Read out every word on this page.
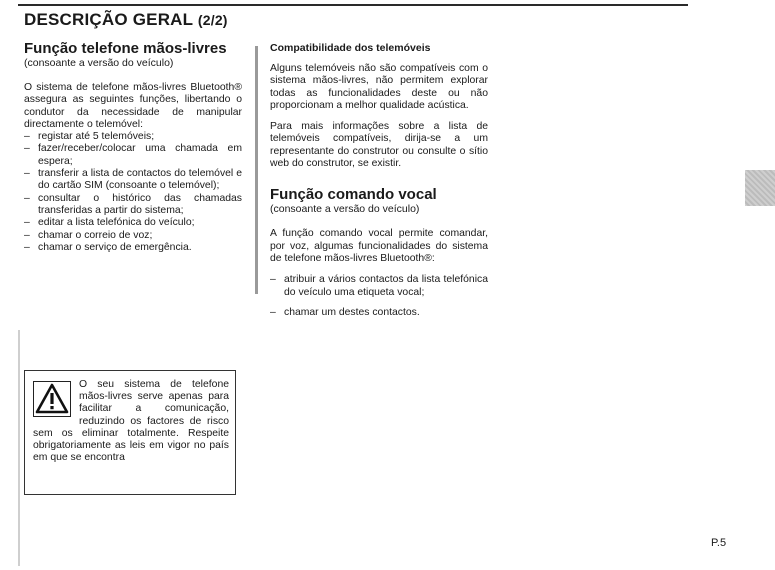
DESCRIÇÃO GERAL (2/2)
Função telefone mãos-livres
(consoante a versão do veículo)

O sistema de telefone mãos-livres Bluetooth® assegura as seguintes funções, libertando o condutor da necessidade de manipular directamente o telemóvel:

– registar até 5 telemóveis;
– fazer/receber/colocar uma chamada em espera;
– transferir a lista de contactos do telemóvel e do cartão SIM (consoante o telemóvel);
– consultar o histórico das chamadas transferidas a partir do sistema;
– editar a lista telefónica do veículo;
– chamar o correio de voz;
– chamar o serviço de emergência.

O seu sistema de telefone mãos-livres serve apenas para facilitar a comunicação, reduzindo os factores de risco sem os eliminar totalmente. Respeite obrigatoriamente as leis em vigor no país em que se encontra

Compatibilidade dos telemóveis

Alguns telemóveis não são compatíveis com o sistema mãos-livres, não permitem explorar todas as funcionalidades deste ou não proporcionam a melhor qualidade acústica.

Para mais informações sobre a lista de telemóveis compatíveis, dirija-se a um representante do construtor ou consulte o sítio web do construtor, se existir.

Função comando vocal
(consoante a versão do veículo)

A função comando vocal permite comandar, por voz, algumas funcionalidades do sistema de telefone mãos-livres Bluetooth®:

– atribuir a vários contactos da lista telefónica do veículo uma etiqueta vocal;
– chamar um destes contactos.
P.5
